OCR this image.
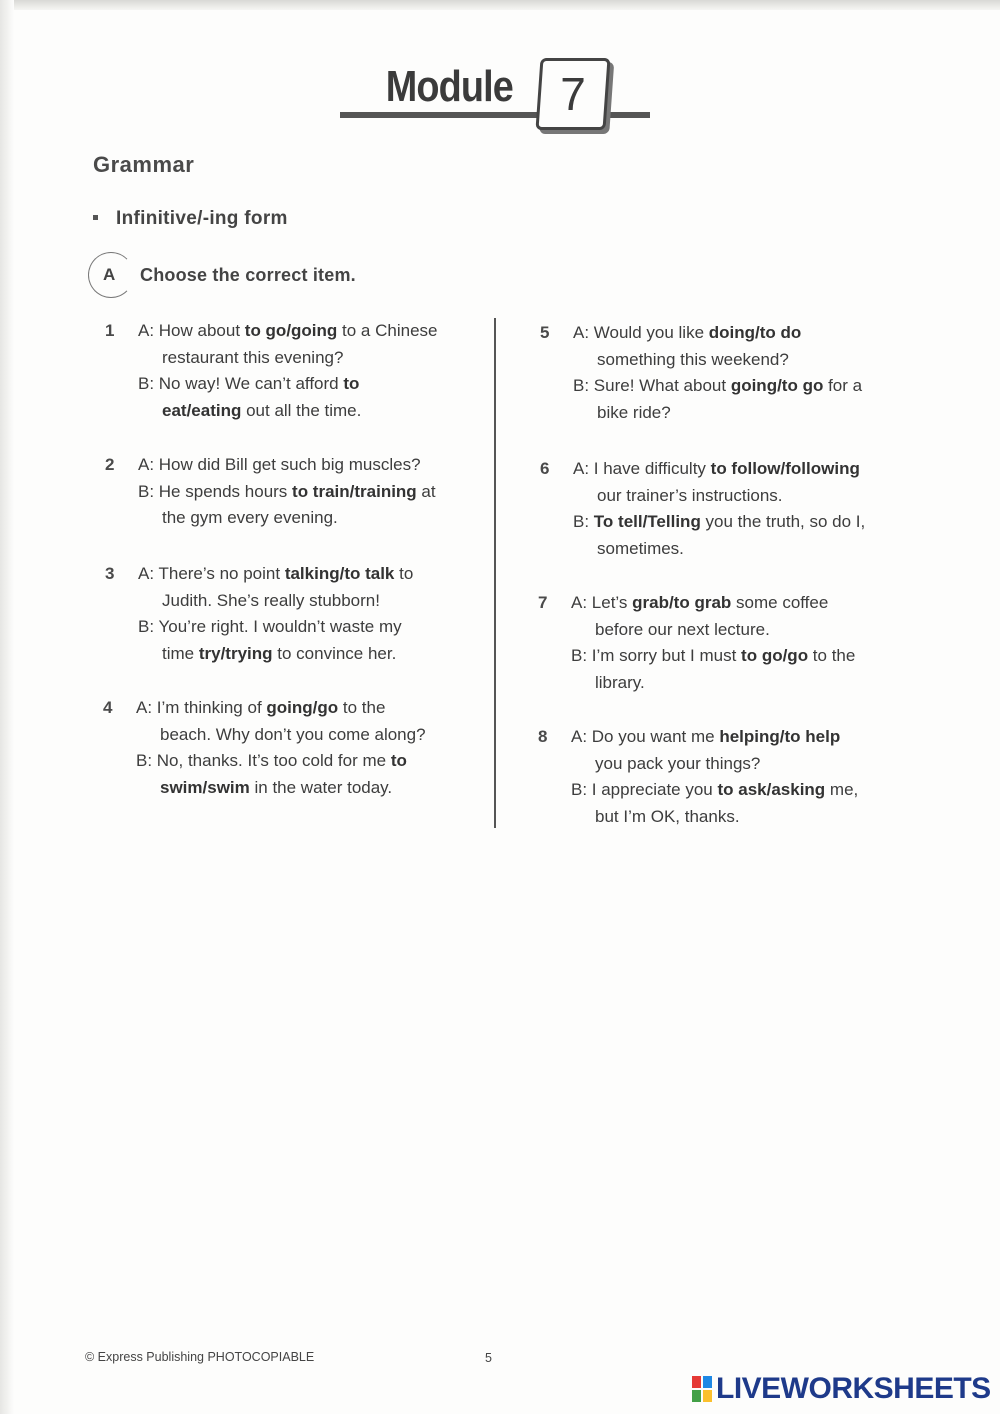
Module	7
Grammar
Infinitive/-ing form
A Choose the correct item.
1 A: How about to go/going to a Chinese
restaurant this evening?
B: No way! We can’t afford to
eat/eating out all the time.
2 A: How did Bill get such big muscles?
B: He spends hours to train/training at
the gym every evening.
3 A: There’s no point talking/to talk to
Judith. She’s really stubborn!
B: You’re right. I wouldn’t waste my
time try/trying to convince her.
4 A: I’m thinking of going/go to the
beach. Why don’t you come along?
B: No, thanks. It’s too cold for me to
swim/swim in the water today.
5 A: Would you like doing/to do
something this weekend?
B: Sure! What about going/to go for a
bike ride?
6 A: I have difficulty to follow/following
our trainer’s instructions.
B: To tell/Telling you the truth, so do I,
sometimes.
7 A: Let’s grab/to grab some coffee
before our next lecture.
B: I’m sorry but I must to go/go to the
library.
8 A: Do you want me helping/to help
you pack your things?
B: I appreciate you to ask/asking me,
but I’m OK, thanks.
© Express Publishing PHOTOCOPIABLE	5
LIVEWORKSHEETS
